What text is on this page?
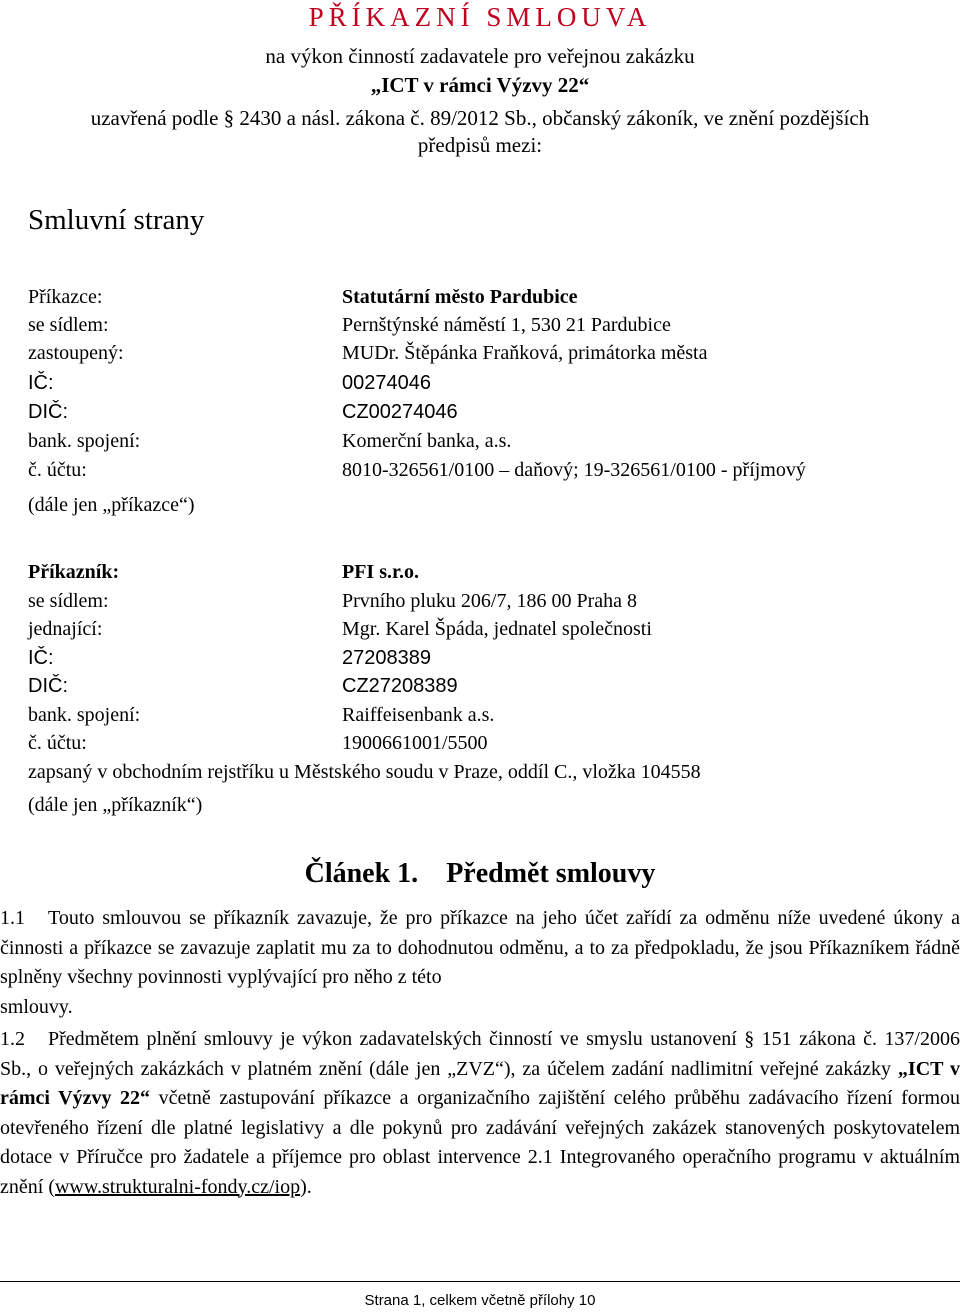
PŘÍKAZNÍ SMLOUVA
na výkon činností zadavatele pro veřejnou zakázku
„ICT v rámci Výzvy 22“
uzavřená podle § 2430 a násl. zákona č. 89/2012 Sb., občanský zákoník, ve znění pozdějších
předpisů mezi:
Smluvní strany
Příkazce:	Statutární město Pardubice
se sídlem:	Pernštýnské náměstí 1, 530 21 Pardubice
zastoupený:	MUDr. Štěpánka Fraňková, primátorka města
IČ:	00274046
DIČ:	CZ00274046
bank. spojení:	Komerční banka, a.s.
č. účtu:	8010-326561/0100 – daňový; 19-326561/0100 - příjmový
(dále jen „příkazce“)
Příkazník:	PFI s.r.o.
se sídlem:	Prvního pluku 206/7, 186 00 Praha 8
jednající:	Mgr. Karel Špáda, jednatel společnosti
IČ:	27208389
DIČ:	CZ27208389
bank. spojení:	Raiffeisenbank a.s.
č. účtu:	1900661001/5500
zapsaný v obchodním rejstříku u Městského soudu v Praze, oddíl C., vložka 104558
(dále jen „příkazník“)
Článek 1. Předmět smlouvy
1.1 Touto smlouvou se příkazník zavazuje, že pro příkazce na jeho účet zařídí za odměnu níže uvedené úkony a činnosti a příkazce se zavazuje zaplatit mu za to dohodnutou odměnu, a to za předpokladu, že jsou Příkazníkem řádně splněny všechny povinnosti vyplývající pro něho z této
smlouvy.
1.2 Předmětem plnění smlouvy je výkon zadavatelských činností ve smyslu ustanovení § 151 zákona č. 137/2006 Sb., o veřejných zakázkách v platném znění (dále jen „ZVZ“), za účelem zadání nadlimitní veřejné zakázky „ICT v rámci Výzvy 22“ včetně zastupování příkazce a organizačního zajištění celého průběhu zadávacího řízení formou otevřeného řízení dle platné legislativy a dle pokynů pro zadávání veřejných zakázek stanovených poskytovatelem dotace v Příručce pro žadatele a příjemce pro oblast intervence 2.1 Integrovaného operačního programu v aktuálním znění (www.strukturalni-fondy.cz/iop).
Strana 1, celkem včetně přílohy 10
